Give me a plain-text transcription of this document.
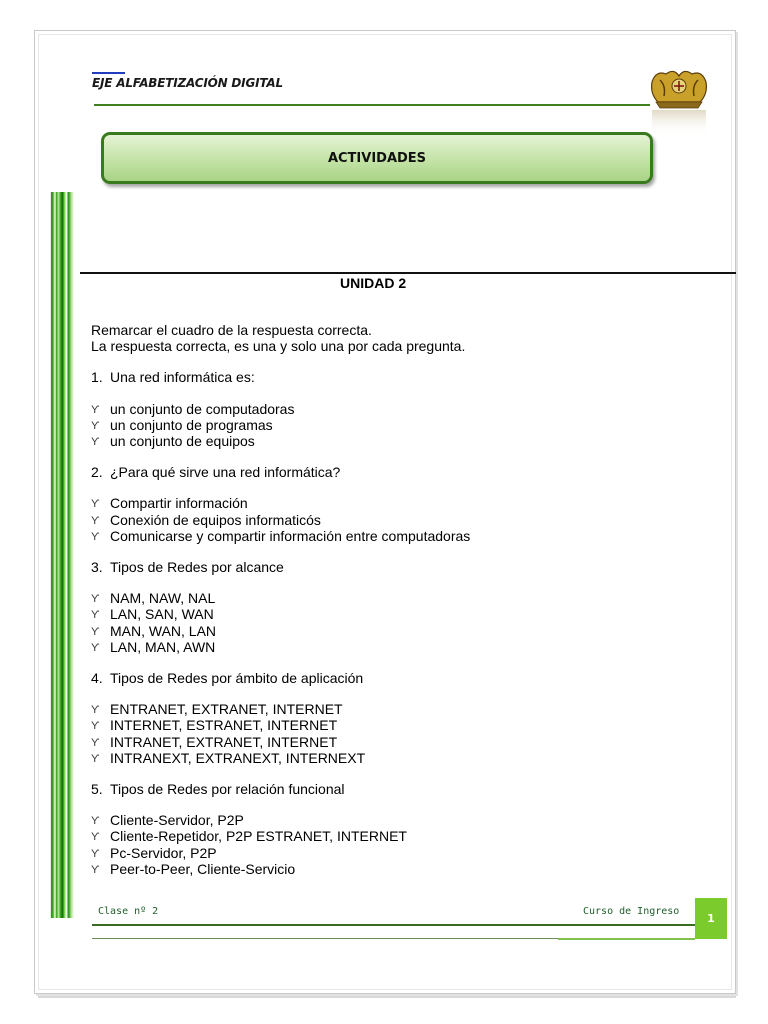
EJE ALFABETIZACIÓN DIGITAL
ACTIVIDADES
UNIDAD 2

Remarcar el cuadro de la respuesta correcta.

La respuesta correcta, es una y solo una por cada pregunta.

1. Una red informática es:

ϒ un conjunto de computadoras

ϒ un conjunto de programas

ϒ un conjunto de equipos

2. ¿Para qué sirve una red informática?

ϒ Compartir información

ϒ Conexión de equipos informaticós

ϒ Comunicarse y compartir información entre computadoras

3. Tipos de Redes por alcance

ϒ NAM, NAW, NAL

ϒ LAN, SAN, WAN

ϒ MAN, WAN, LAN

ϒ LAN, MAN, AWN

4. Tipos de Redes por ámbito de aplicación

ϒ ENTRANET, EXTRANET, INTERNET

ϒ INTERNET, ESTRANET, INTERNET

ϒ INTRANET, EXTRANET, INTERNET

ϒ INTRANEXT, EXTRANEXT, INTERNEXT

5. Tipos de Redes por relación funcional

ϒ Cliente-Servidor, P2P

ϒ Cliente-Repetidor, P2P ESTRANET, INTERNET

ϒ Pc-Servidor, P2P

ϒ Peer-to-Peer, Cliente-Servicio

Clase nº 2	Curso de Ingreso
1
